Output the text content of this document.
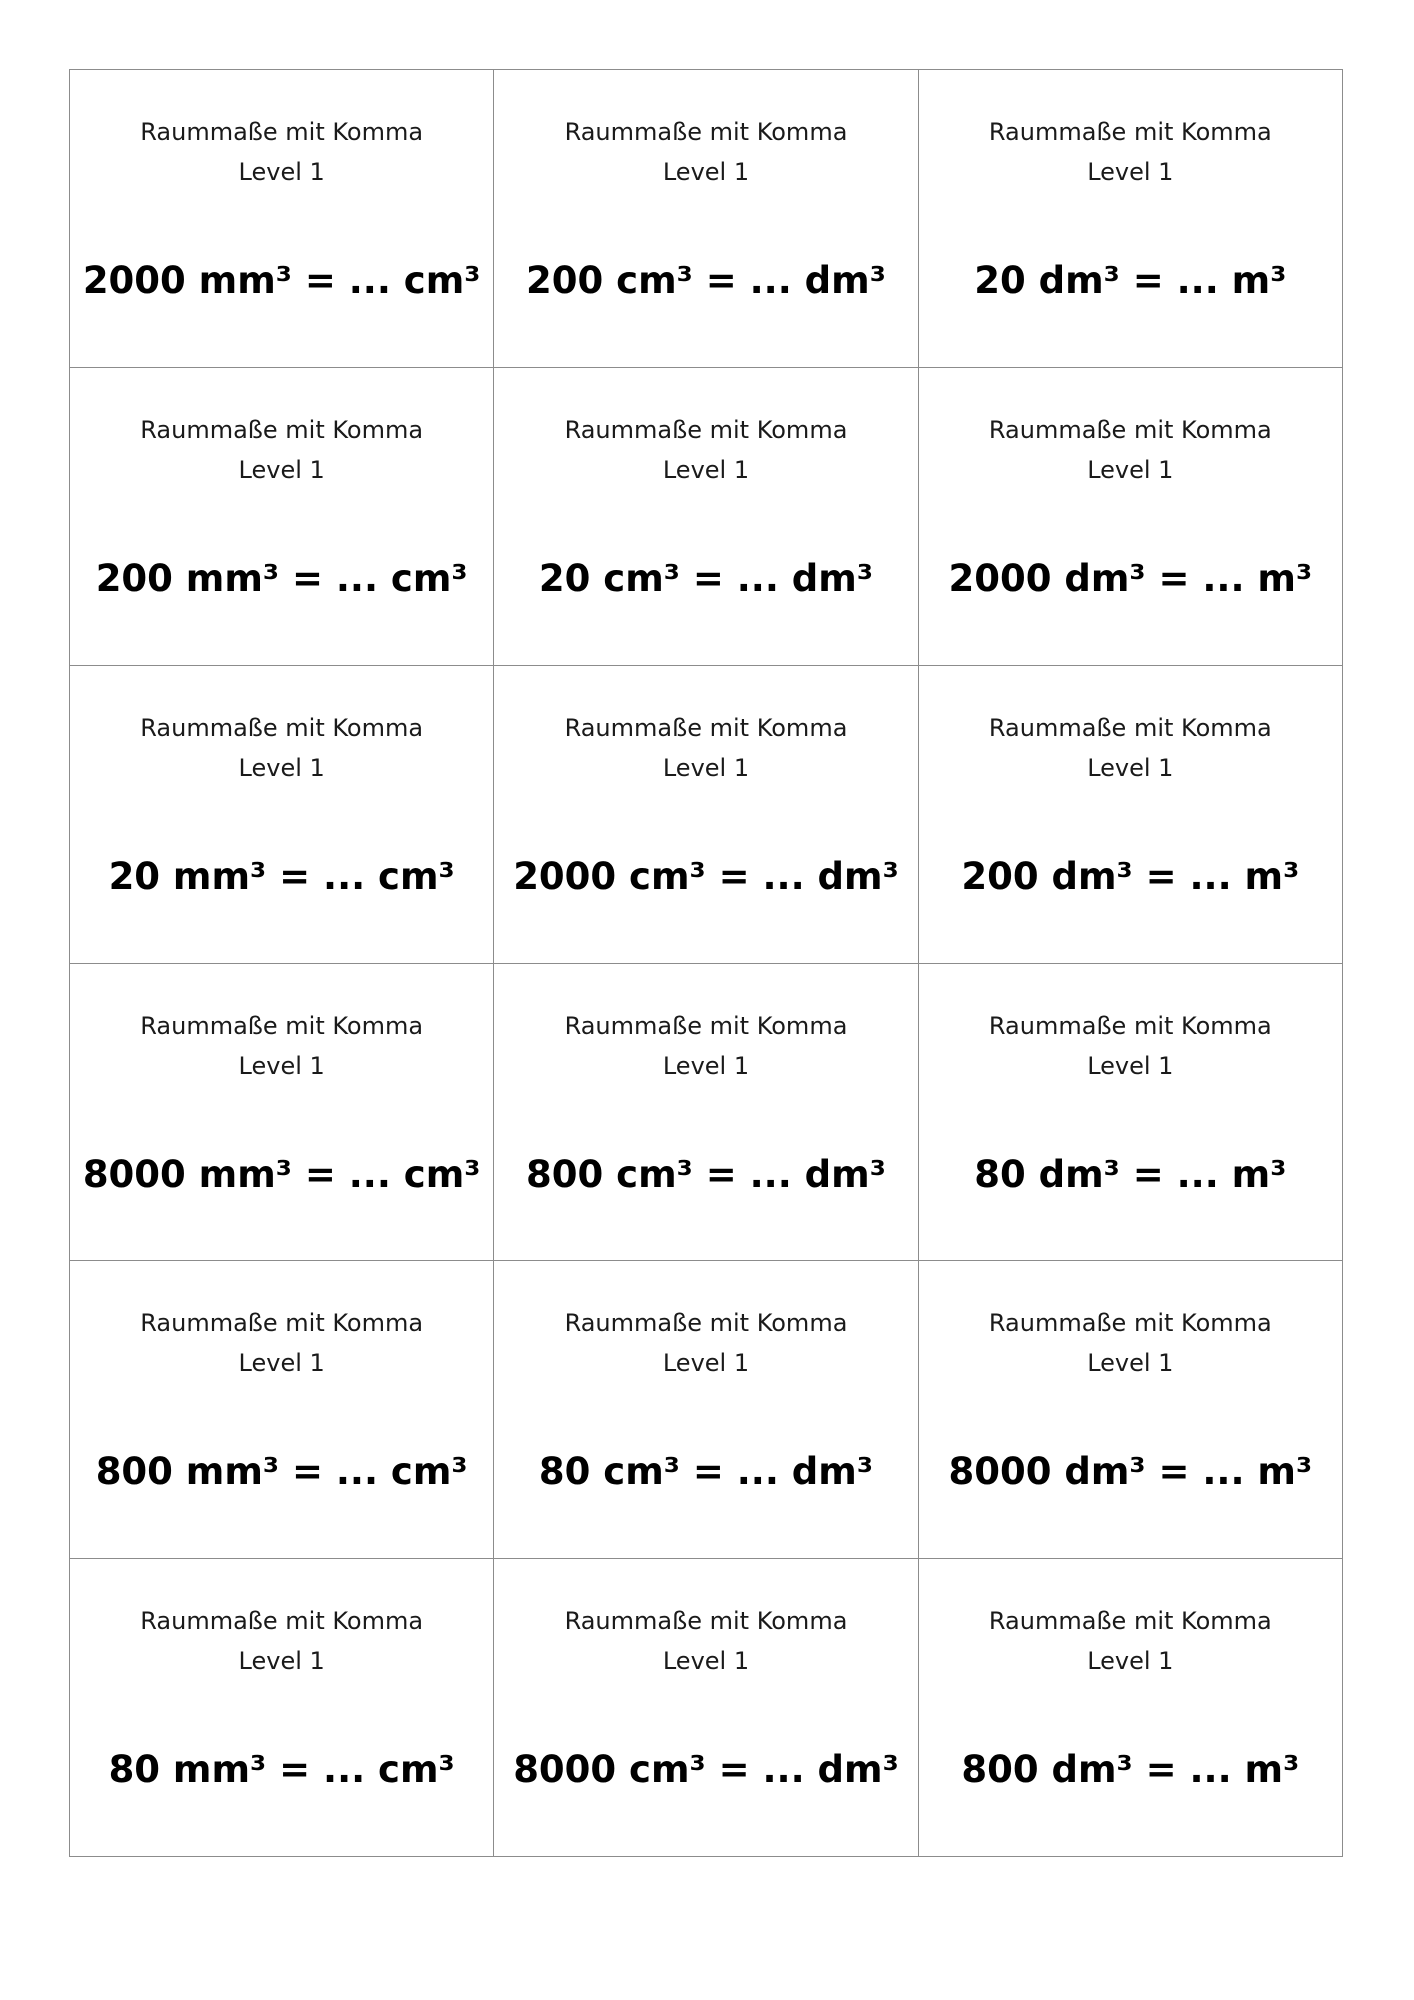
Raummaße mit Komma
Level 1
2000 mm³ = ... cm³
Raummaße mit Komma
Level 1
200 cm³ = ... dm³
Raummaße mit Komma
Level 1
20 dm³ = ... m³
Raummaße mit Komma
Level 1
200 mm³ = ... cm³
Raummaße mit Komma
Level 1
20 cm³ = ... dm³
Raummaße mit Komma
Level 1
2000 dm³ = ... m³
Raummaße mit Komma
Level 1
20 mm³ = ... cm³
Raummaße mit Komma
Level 1
2000 cm³ = ... dm³
Raummaße mit Komma
Level 1
200 dm³ = ... m³
Raummaße mit Komma
Level 1
8000 mm³ = ... cm³
Raummaße mit Komma
Level 1
800 cm³ = ... dm³
Raummaße mit Komma
Level 1
80 dm³ = ... m³
Raummaße mit Komma
Level 1
800 mm³ = ... cm³
Raummaße mit Komma
Level 1
80 cm³ = ... dm³
Raummaße mit Komma
Level 1
8000 dm³ = ... m³
Raummaße mit Komma
Level 1
80 mm³ = ... cm³
Raummaße mit Komma
Level 1
8000 cm³ = ... dm³
Raummaße mit Komma
Level 1
800 dm³ = ... m³
